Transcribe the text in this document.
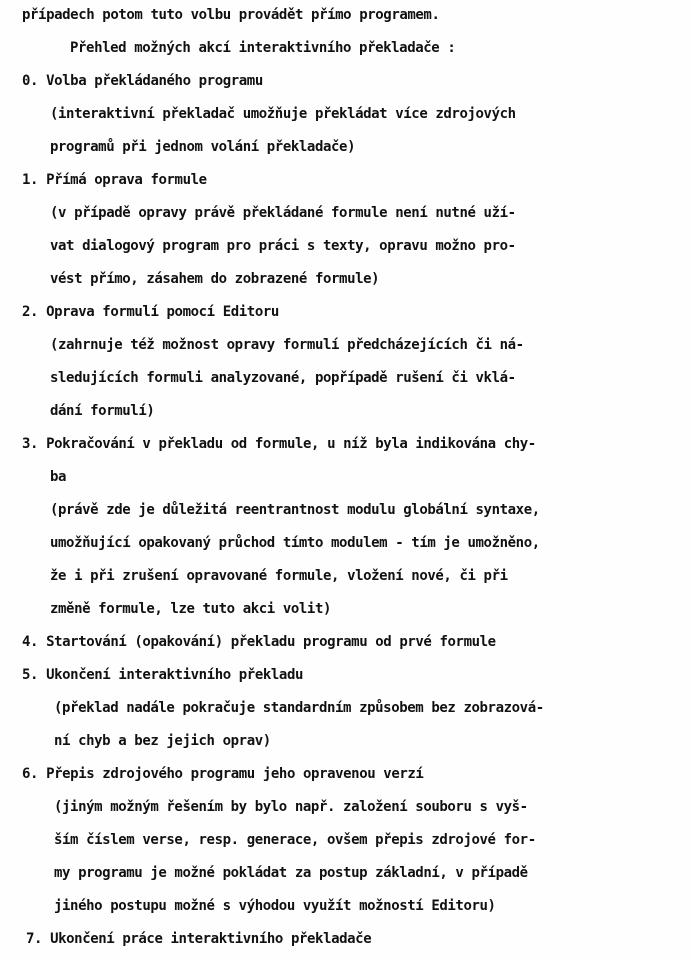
případech potom tuto volbu provádět přímo programem.
Přehled možných akcí interaktivního překladače :
0. Volba překládaného programu
(interaktivní překladač umožňuje překládat více zdrojových
programů při jednom volání překladače)
1. Přímá oprava formule
(v případě opravy právě překládané formule není nutné uží-
vat dialogový program pro práci s texty, opravu možno pro-
vést přímo, zásahem do zobrazené formule)
2. Oprava formulí pomocí Editoru
(zahrnuje též možnost opravy formulí předcházejících či ná-
sledujících formuli analyzované, popřípadě rušení či vklá-
dání formulí)
3. Pokračování v překladu od formule, u níž byla indikována chy-
ba
(právě zde je důležitá reentrantnost modulu globální syntaxe,
umožňující opakovaný průchod tímto modulem - tím je umožněno,
že i při zrušení opravované formule, vložení nové, či při
změně formule, lze tuto akci volit)
4. Startování (opakování) překladu programu od prvé formule
5. Ukončení interaktivního překladu
(překlad nadále pokračuje standardním způsobem bez zobrazová-
ní chyb a bez jejich oprav)
6. Přepis zdrojového programu jeho opravenou verzí
(jiným možným řešením by bylo např. založení souboru s vyš-
ším číslem verse, resp. generace, ovšem přepis zdrojové for-
my programu je možné pokládat za postup základní, v případě
jiného postupu možné s výhodou využít možností Editoru)
7. Ukončení práce interaktivního překladače
